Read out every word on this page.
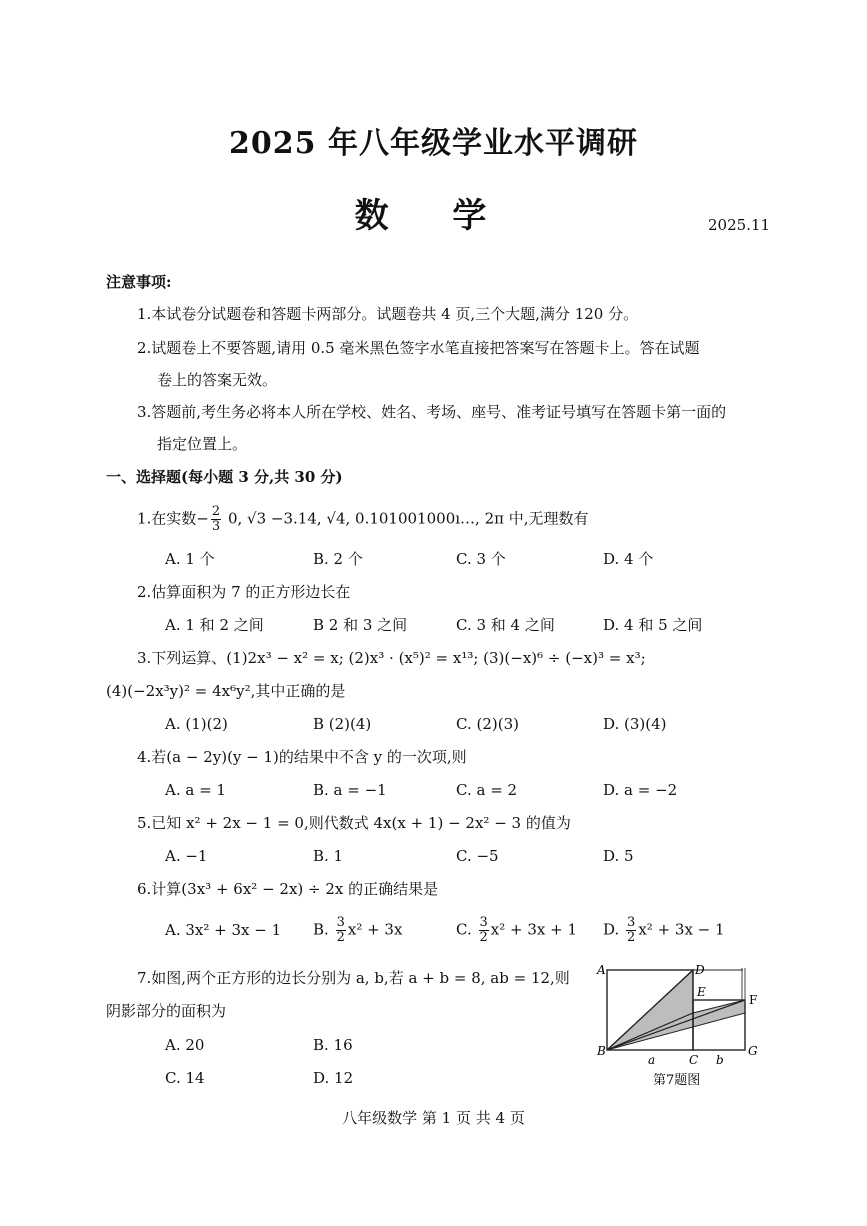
2025 年八年级学业水平调研
数 学	2025.11
注意事项:
1.本试卷分试题卷和答题卡两部分。试题卷共 4 页,三个大题,满分 120 分。
2.试题卷上不要答题,请用 0.5 毫米黑色签字水笔直接把答案写在答题卡上。答在试题
卷上的答案无效。
3.答题前,考生务必将本人所在学校、姓名、考场、座号、准考证号填写在答题卡第一面的
指定位置上。
一、选择题(每小题 3 分,共 30 分)
1.在实数− $\frac{2}{3} 0$, √3 −3.14, √4, 0.101001000ı…, 2π 中,无理数有
A. 1 个	B. 2 个	C. 3 个	D. 4 个
2.估算面积为 7 的正方形边长在
A. 1 和 2 之间	B 2 和 3 之间	C. 3 和 4 之间	D. 4 和 5 之间
3.下列运算、(1)2x³ − x² = x; (2)x³ · (x⁵)² = x¹³; (3)(−x)⁶ ÷ (−x)³ = x³;
(4)(−2x³y)² = 4x⁶y²,其中正确的是
A. (1)(2)	B (2)(4)	C. (2)(3)	D. (3)(4)
4.若(a − 2y)(y − 1)的结果中不含 y 的一次项,则
A. a = 1	B. a = −1	C. a = 2	D. a = −2
5.已知 x² + 2x − 1 = 0,则代数式 4x(x + 1) − 2x² − 3 的值为
A. −1	B. 1	C. −5	D. 5
6.计算(3x³ + 6x² − 2x) ÷ 2x 的正确结果是
A. 3x² + 3x − 1 B. $\frac{3}{2} x^2 + 3x$	C. $\frac{3}{2} x^2 + 3x + 1$ D. $\frac{3}{2} x^2 + 3x - 1$
7.如图,两个正方形的边长分别为 a, b,若 a + b = 8, ab = 12,则
阴影部分的面积为
A. 20	B. 16
C. 14	D. 12
A	D
E
F
B
C
G
a	b
第7题图
八年级数学 第 1 页 共 4 页
